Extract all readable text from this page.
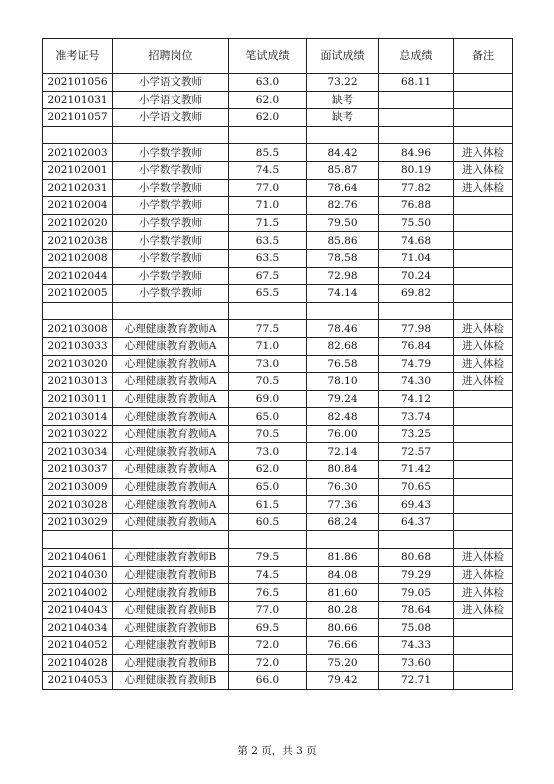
准考证号	招聘岗位	笔试成绩	面试成绩	总成绩	备注
202101056	小学语文教师	63.0	73.22	68.11	
202101031	小学语文教师	62.0	缺考		
202101057	小学语文教师	62.0	缺考		

202102003	小学数学教师	85.5	84.42	84.96	进入体检
202102001	小学数学教师	74.5	85.87	80.19	进入体检
202102031	小学数学教师	77.0	78.64	77.82	进入体检
202102004	小学数学教师	71.0	82.76	76.88	
202102020	小学数学教师	71.5	79.50	75.50	
202102038	小学数学教师	63.5	85.86	74.68	
202102008	小学数学教师	63.5	78.58	71.04	
202102044	小学数学教师	67.5	72.98	70.24	
202102005	小学数学教师	65.5	74.14	69.82	

202103008	心理健康教育教师A	77.5	78.46	77.98	进入体检
202103033	心理健康教育教师A	71.0	82.68	76.84	进入体检
202103020	心理健康教育教师A	73.0	76.58	74.79	进入体检
202103013	心理健康教育教师A	70.5	78.10	74.30	进入体检
202103011	心理健康教育教师A	69.0	79.24	74.12	
202103014	心理健康教育教师A	65.0	82.48	73.74	
202103022	心理健康教育教师A	70.5	76.00	73.25	
202103034	心理健康教育教师A	73.0	72.14	72.57	
202103037	心理健康教育教师A	62.0	80.84	71.42	
202103009	心理健康教育教师A	65.0	76.30	70.65	
202103028	心理健康教育教师A	61.5	77.36	69.43	
202103029	心理健康教育教师A	60.5	68.24	64.37	

202104061	心理健康教育教师B	79.5	81.86	80.68	进入体检
202104030	心理健康教育教师B	74.5	84.08	79.29	进入体检
202104002	心理健康教育教师B	76.5	81.60	79.05	进入体检
202104043	心理健康教育教师B	77.0	80.28	78.64	进入体检
202104034	心理健康教育教师B	69.5	80.66	75.08	
202104052	心理健康教育教师B	72.0	76.66	74.33	
202104028	心理健康教育教师B	72.0	75.20	73.60	
202104053	心理健康教育教师B	66.0	79.42	72.71	
第 2 页，共 3 页
